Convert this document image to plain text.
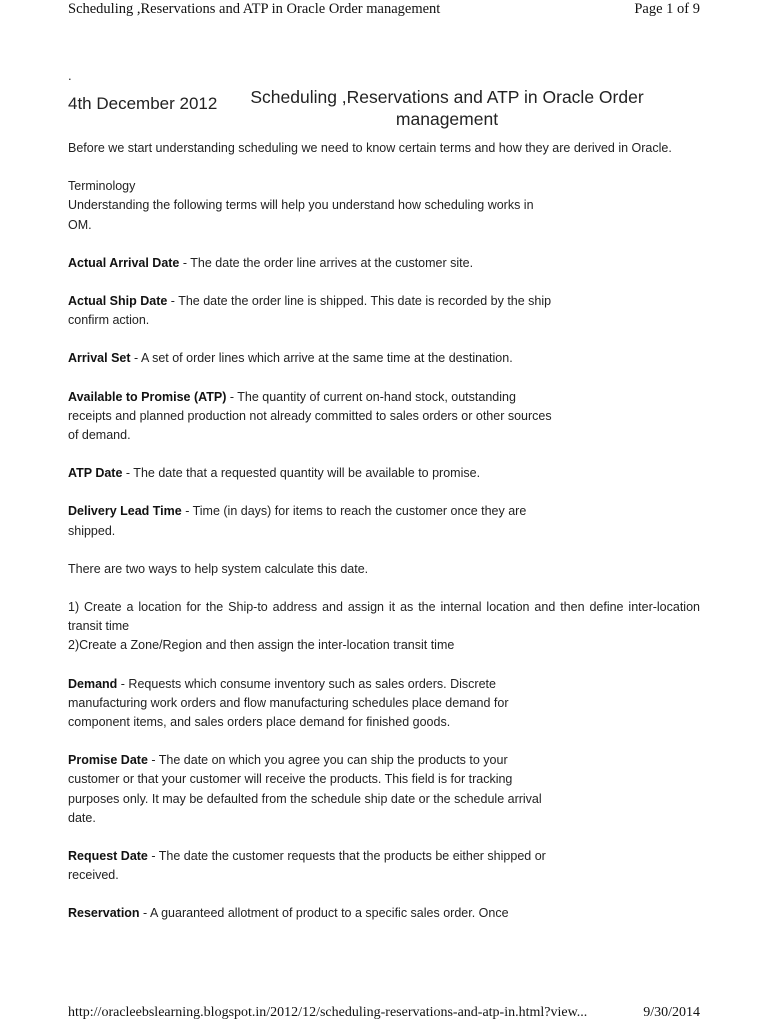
Scheduling ,Reservations and ATP in Oracle Order management	Page 1 of 9
.
4th December 2012	Scheduling ,Reservations and ATP in Oracle Order management

Before we start understanding scheduling we need to know certain terms and how they are derived in Oracle.

Terminology
Understanding the following terms will help you understand how scheduling works in OM.

Actual Arrival Date - The date the order line arrives at the customer site.

Actual Ship Date - The date the order line is shipped. This date is recorded by the ship confirm action.

Arrival Set - A set of order lines which arrive at the same time at the destination.

Available to Promise (ATP) - The quantity of current on-hand stock, outstanding receipts and planned production not already committed to sales orders or other sources of demand.

ATP Date - The date that a requested quantity will be available to promise.

Delivery Lead Time - Time (in days) for items to reach the customer once they are shipped.

There are two ways to help system calculate this date.

1) Create a location for the Ship-to address and assign it as the internal location and then define inter-location transit time
2)Create a Zone/Region and then assign the inter-location transit time

Demand - Requests which consume inventory such as sales orders. Discrete manufacturing work orders and flow manufacturing schedules place demand for component items, and sales orders place demand for finished goods.

Promise Date - The date on which you agree you can ship the products to your customer or that your customer will receive the products. This field is for tracking purposes only. It may be defaulted from the schedule ship date or the schedule arrival date.

Request Date - The date the customer requests that the products be either shipped or received.

Reservation - A guaranteed allotment of product to a specific sales order. Once

http://oracleebslearning.blogspot.in/2012/12/scheduling-reservations-and-atp-in.html?view...	9/30/2014
